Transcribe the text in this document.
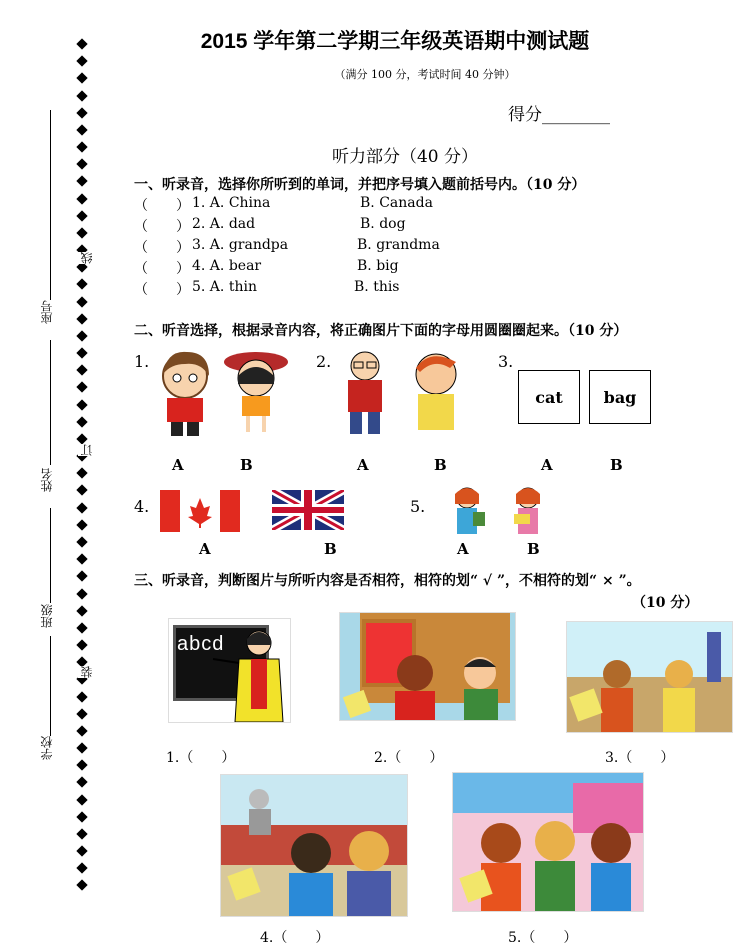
线
订
装
座号
姓名
班级
学校
2015 学年第二学期三年级英语期中测试题
（满分 100 分，考试时间 40 分钟）
得分________
听力部分（40 分）
一、听录音，选择你所听到的单词，并把序号填入题前括号内。（10 分）
（　　） 1. A. China	B. Canada
（　　） 2. A. dad	B. dog
（　　） 3. A. grandpa	B. grandma
（　　） 4. A. bear	B. big
（　　） 5. A. thin	B. this
二、听音选择，根据录音内容，将正确图片下面的字母用圆圈圈起来。（10 分）
1.	2.	3.
cat	bag
A	B	A	B	A	B
4.	5.
A	B	A	B
三、听录音，判断图片与所听内容是否相符，相符的划“ √ ”，不相符的划“ × ”。
（10 分）
abcd
1.（　　）	2.（　　）	3.（　　）
4.（　　）	5.（　　）
